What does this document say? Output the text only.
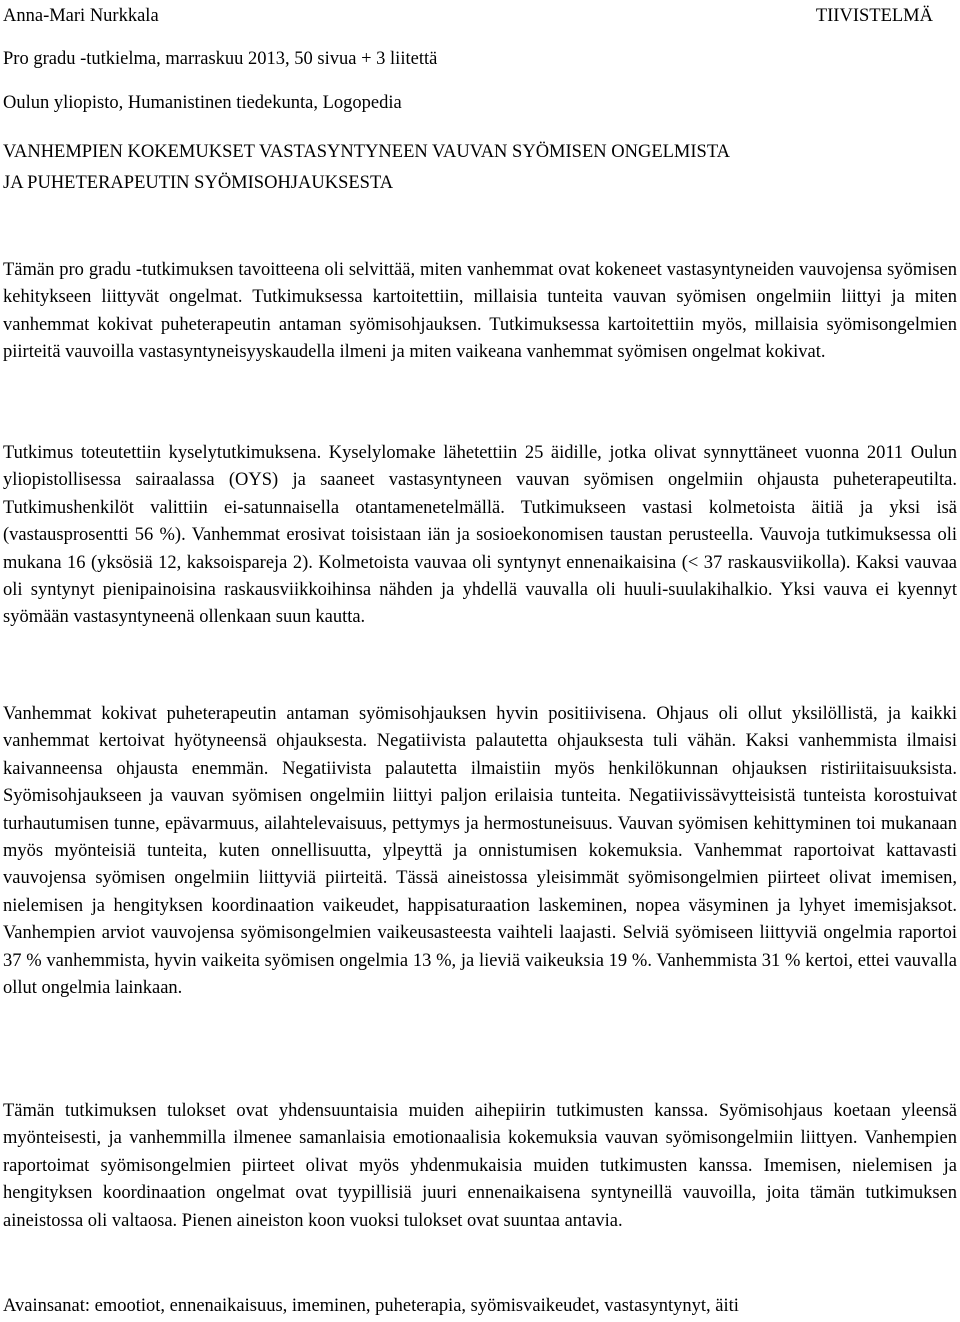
Anna-Mari Nurkkala	TIIVISTELMÄ
Pro gradu -tutkielma, marraskuu 2013, 50 sivua + 3 liitettä
Oulun yliopisto, Humanistinen tiedekunta, Logopedia
VANHEMPIEN KOKEMUKSET VASTASYNTYNEEN VAUVAN SYÖMISEN ONGELMISTA
JA PUHETERAPEUTIN SYÖMISOHJAUKSESTA

Tämän pro gradu -tutkimuksen tavoitteena oli selvittää, miten vanhemmat ovat kokeneet vastasyntyneiden vauvojensa syömisen kehitykseen liittyvät ongelmat. Tutkimuksessa kartoitettiin, millaisia tunteita vauvan syömisen ongelmiin liittyi ja miten vanhemmat kokivat puheterapeutin antaman syömisohjauksen. Tutkimuksessa kartoitettiin myös, millaisia syömisongelmien piirteitä vauvoilla vastasyntyneisyyskaudella ilmeni ja miten vaikeana vanhemmat syömisen ongelmat kokivat.

Tutkimus toteutettiin kyselytutkimuksena. Kyselylomake lähetettiin 25 äidille, jotka olivat synnyttäneet vuonna 2011 Oulun yliopistollisessa sairaalassa (OYS) ja saaneet vastasyntyneen vauvan syömisen ongelmiin ohjausta puheterapeutilta. Tutkimushenkilöt valittiin ei-satunnaisella otantamenetelmällä. Tutkimukseen vastasi kolmetoista äitiä ja yksi isä (vastausprosentti 56 %). Vanhemmat erosivat toisistaan iän ja sosioekonomisen taustan perusteella. Vauvoja tutkimuksessa oli mukana 16 (yksösiä 12, kaksoispareja 2). Kolmetoista vauvaa oli syntynyt ennenaikaisina (< 37 raskausviikolla). Kaksi vauvaa oli syntynyt pienipainoisina raskausviikkoihinsa nähden ja yhdellä vauvalla oli huuli-suulakihalkio. Yksi vauva ei kyennyt syömään vastasyntyneenä ollenkaan suun kautta.

Vanhemmat kokivat puheterapeutin antaman syömisohjauksen hyvin positiivisena. Ohjaus oli ollut yksilöllistä, ja kaikki vanhemmat kertoivat hyötyneensä ohjauksesta. Negatiivista palautetta ohjauksesta tuli vähän. Kaksi vanhemmista ilmaisi kaivanneensa ohjausta enemmän. Negatiivista palautetta ilmaistiin myös henkilökunnan ohjauksen ristiriitaisuuksista. Syömisohjaukseen ja vauvan syömisen ongelmiin liittyi paljon erilaisia tunteita. Negatiivissävytteisistä tunteista korostuivat turhautumisen tunne, epävarmuus, ailahtelevaisuus, pettymys ja hermostuneisuus. Vauvan syömisen kehittyminen toi mukanaan myös myönteisiä tunteita, kuten onnellisuutta, ylpeyttä ja onnistumisen kokemuksia. Vanhemmat raportoivat kattavasti vauvojensa syömisen ongelmiin liittyviä piirteitä. Tässä aineistossa yleisimmät syömisongelmien piirteet olivat imemisen, nielemisen ja hengityksen koordinaation vaikeudet, happisaturaation laskeminen, nopea väsyminen ja lyhyet imemisjaksot. Vanhempien arviot vauvojensa syömisongelmien vaikeusasteesta vaihteli laajasti. Selviä syömiseen liittyviä ongelmia raportoi 37 % vanhemmista, hyvin vaikeita syömisen ongelmia 13 %, ja lieviä vaikeuksia 19 %. Vanhemmista 31 % kertoi, ettei vauvalla ollut ongelmia lainkaan.

Tämän tutkimuksen tulokset ovat yhdensuuntaisia muiden aihepiirin tutkimusten kanssa. Syömisohjaus koetaan yleensä myönteisesti, ja vanhemmilla ilmenee samanlaisia emotionaalisia kokemuksia vauvan syömisongelmiin liittyen. Vanhempien raportoimat syömisongelmien piirteet olivat myös yhdenmukaisia muiden tutkimusten kanssa. Imemisen, nielemisen ja hengityksen koordinaation ongelmat ovat tyypillisiä juuri ennenaikaisena syntyneillä vauvoilla, joita tämän tutkimuksen aineistossa oli valtaosa. Pienen aineiston koon vuoksi tulokset ovat suuntaa antavia.

Avainsanat: emootiot, ennenaikaisuus, imeminen, puheterapia, syömisvaikeudet, vastasyntynyt, äiti
